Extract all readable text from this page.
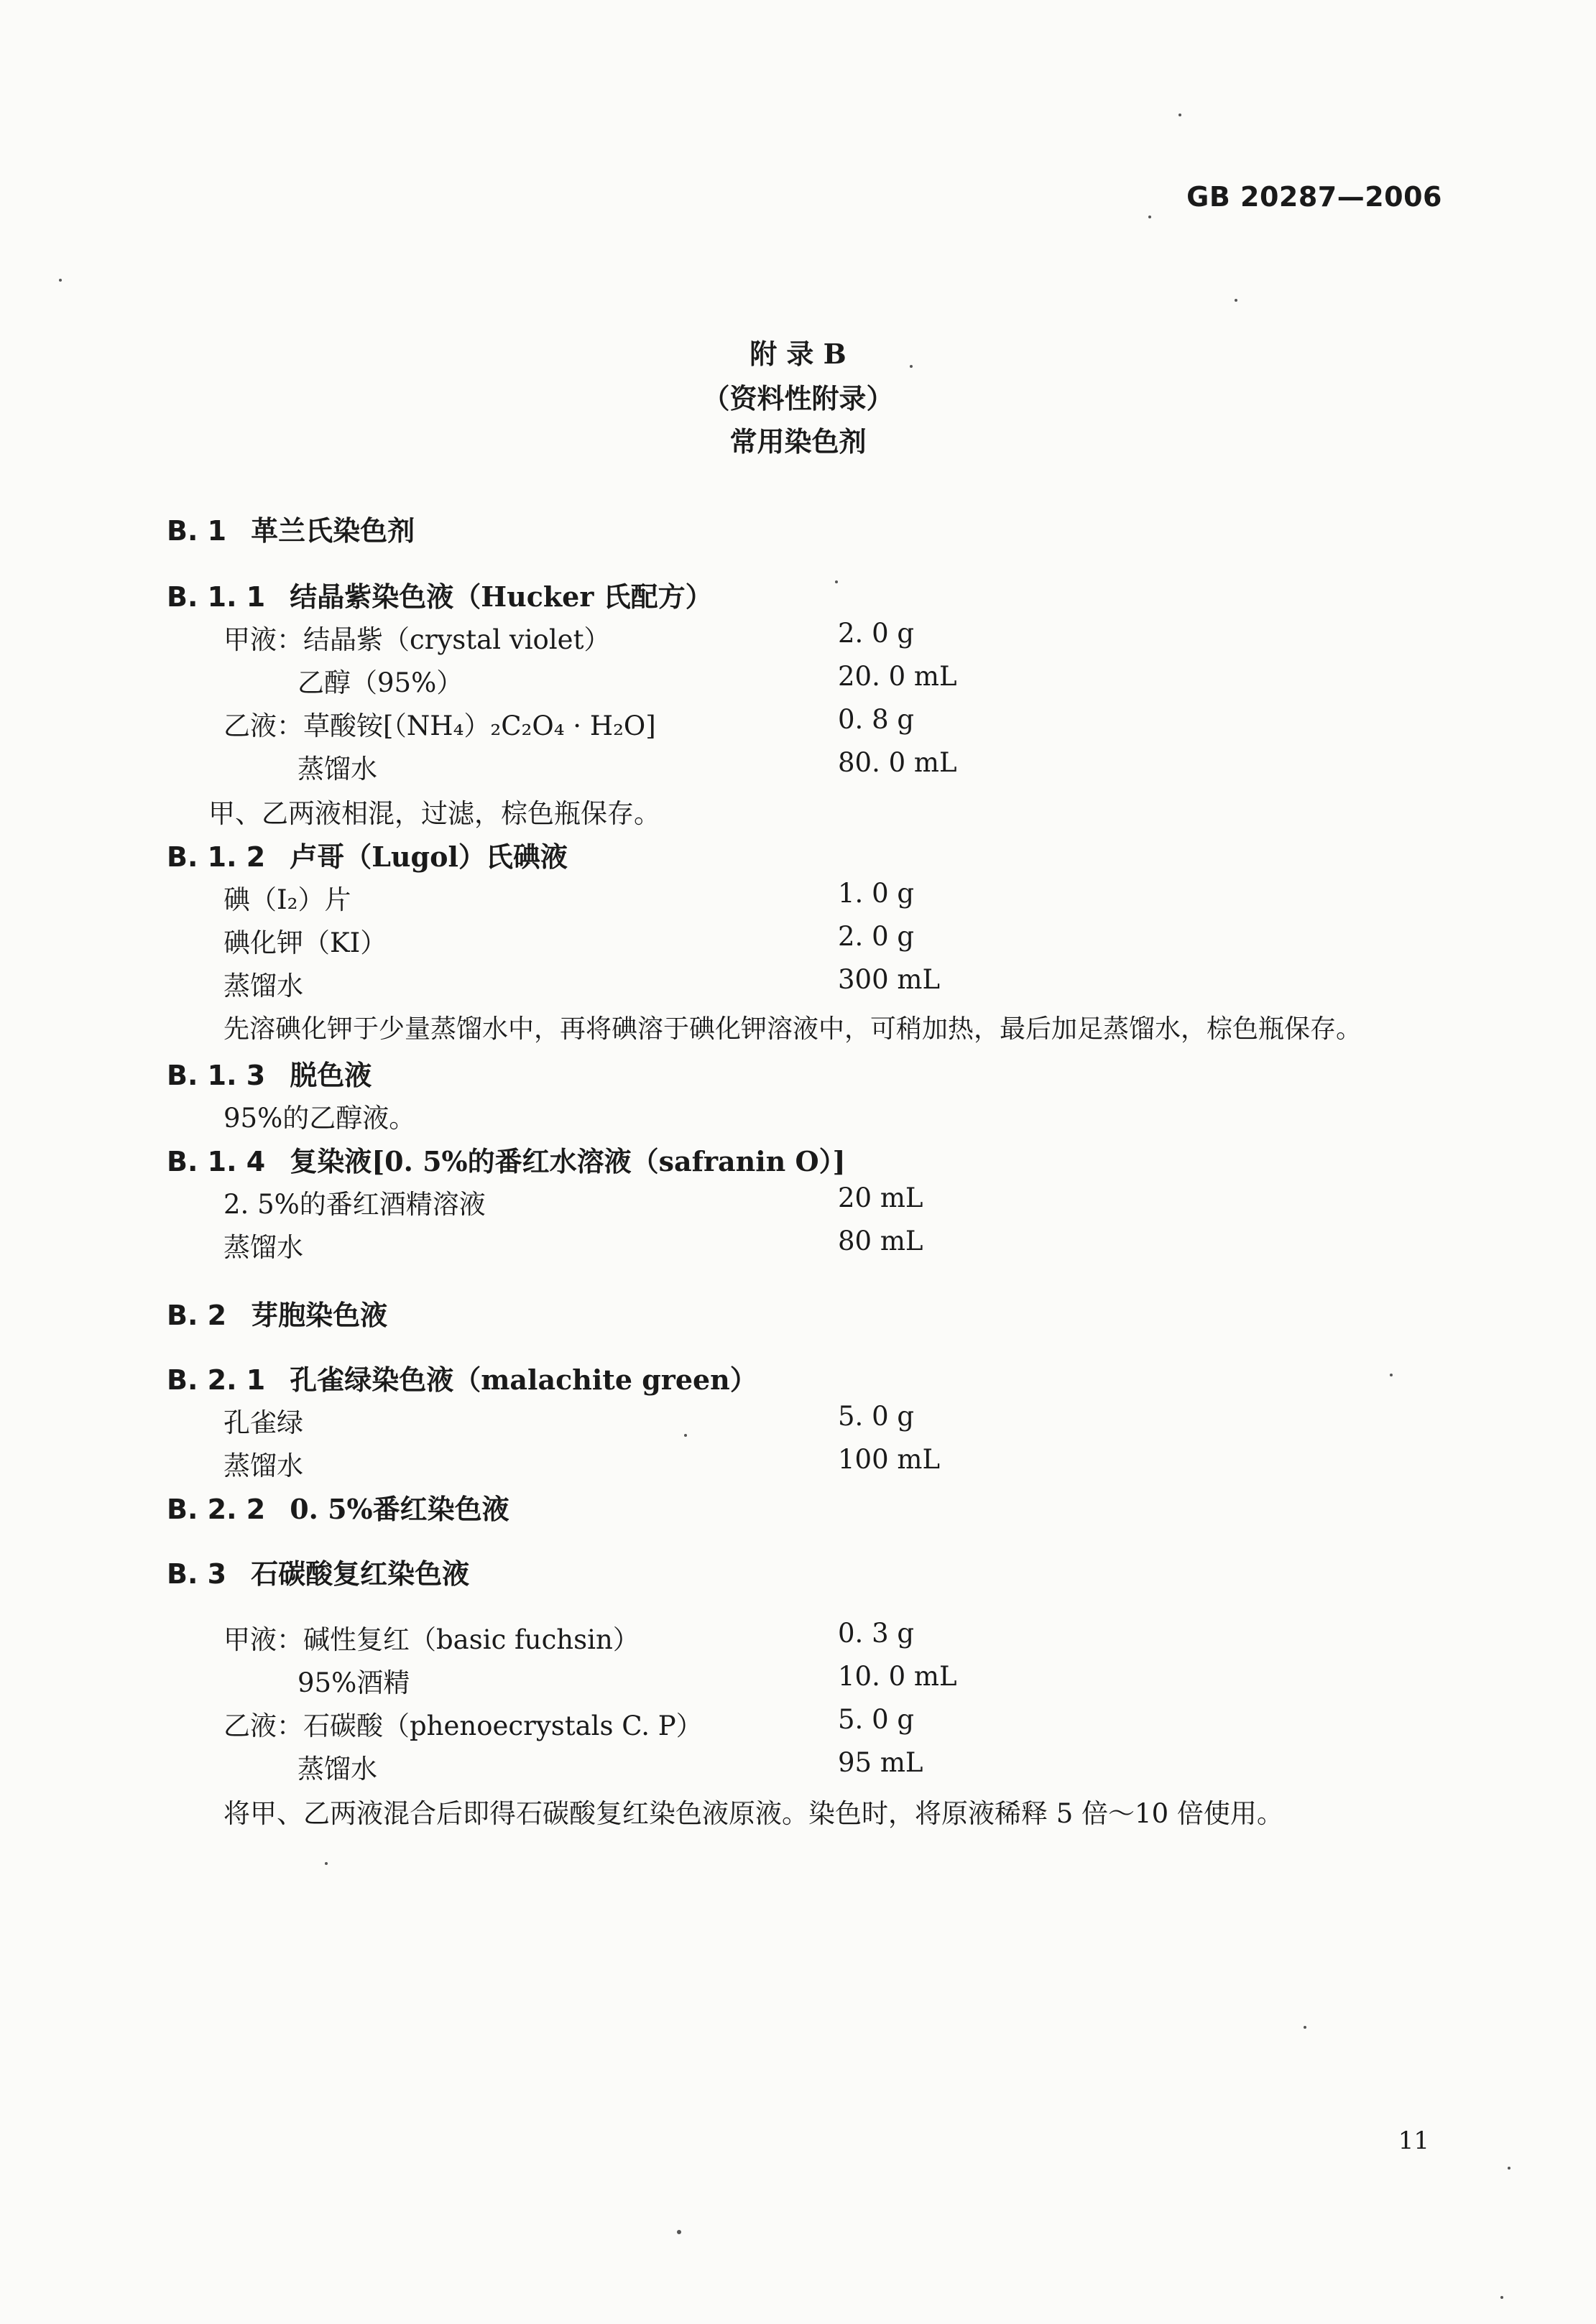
GB 20287—2006
附 录 B
（资料性附录）
常用染色剂
B. 1 革兰氏染色剂
B. 1. 1 结晶紫染色液（Hucker 氏配方）
甲液：结晶紫（crystal violet）	2. 0 g
乙醇（95%）	20. 0 mL
乙液：草酸铵[（NH₄）₂C₂O₄ · H₂O]	0. 8 g
蒸馏水	80. 0 mL
甲、乙两液相混，过滤，棕色瓶保存。
B. 1. 2 卢哥（Lugol）氏碘液
碘（I₂）片	1. 0 g
碘化钾（KI）	2. 0 g
蒸馏水	300 mL
先溶碘化钾于少量蒸馏水中，再将碘溶于碘化钾溶液中，可稍加热，最后加足蒸馏水，棕色瓶保存。
B. 1. 3 脱色液
95%的乙醇液。
B. 1. 4 复染液[0. 5%的番红水溶液（safranin O）]
2. 5%的番红酒精溶液	20 mL
蒸馏水	80 mL
B. 2 芽胞染色液
B. 2. 1 孔雀绿染色液（malachite green）
孔雀绿	5. 0 g
蒸馏水	100 mL
B. 2. 2 0. 5%番红染色液
B. 3 石碳酸复红染色液
甲液：碱性复红（basic fuchsin）	0. 3 g
95%酒精	10. 0 mL
乙液：石碳酸（phenoecrystals C. P）	5. 0 g
蒸馏水	95 mL
将甲、乙两液混合后即得石碳酸复红染色液原液。染色时，将原液稀释 5 倍～10 倍使用。
11
